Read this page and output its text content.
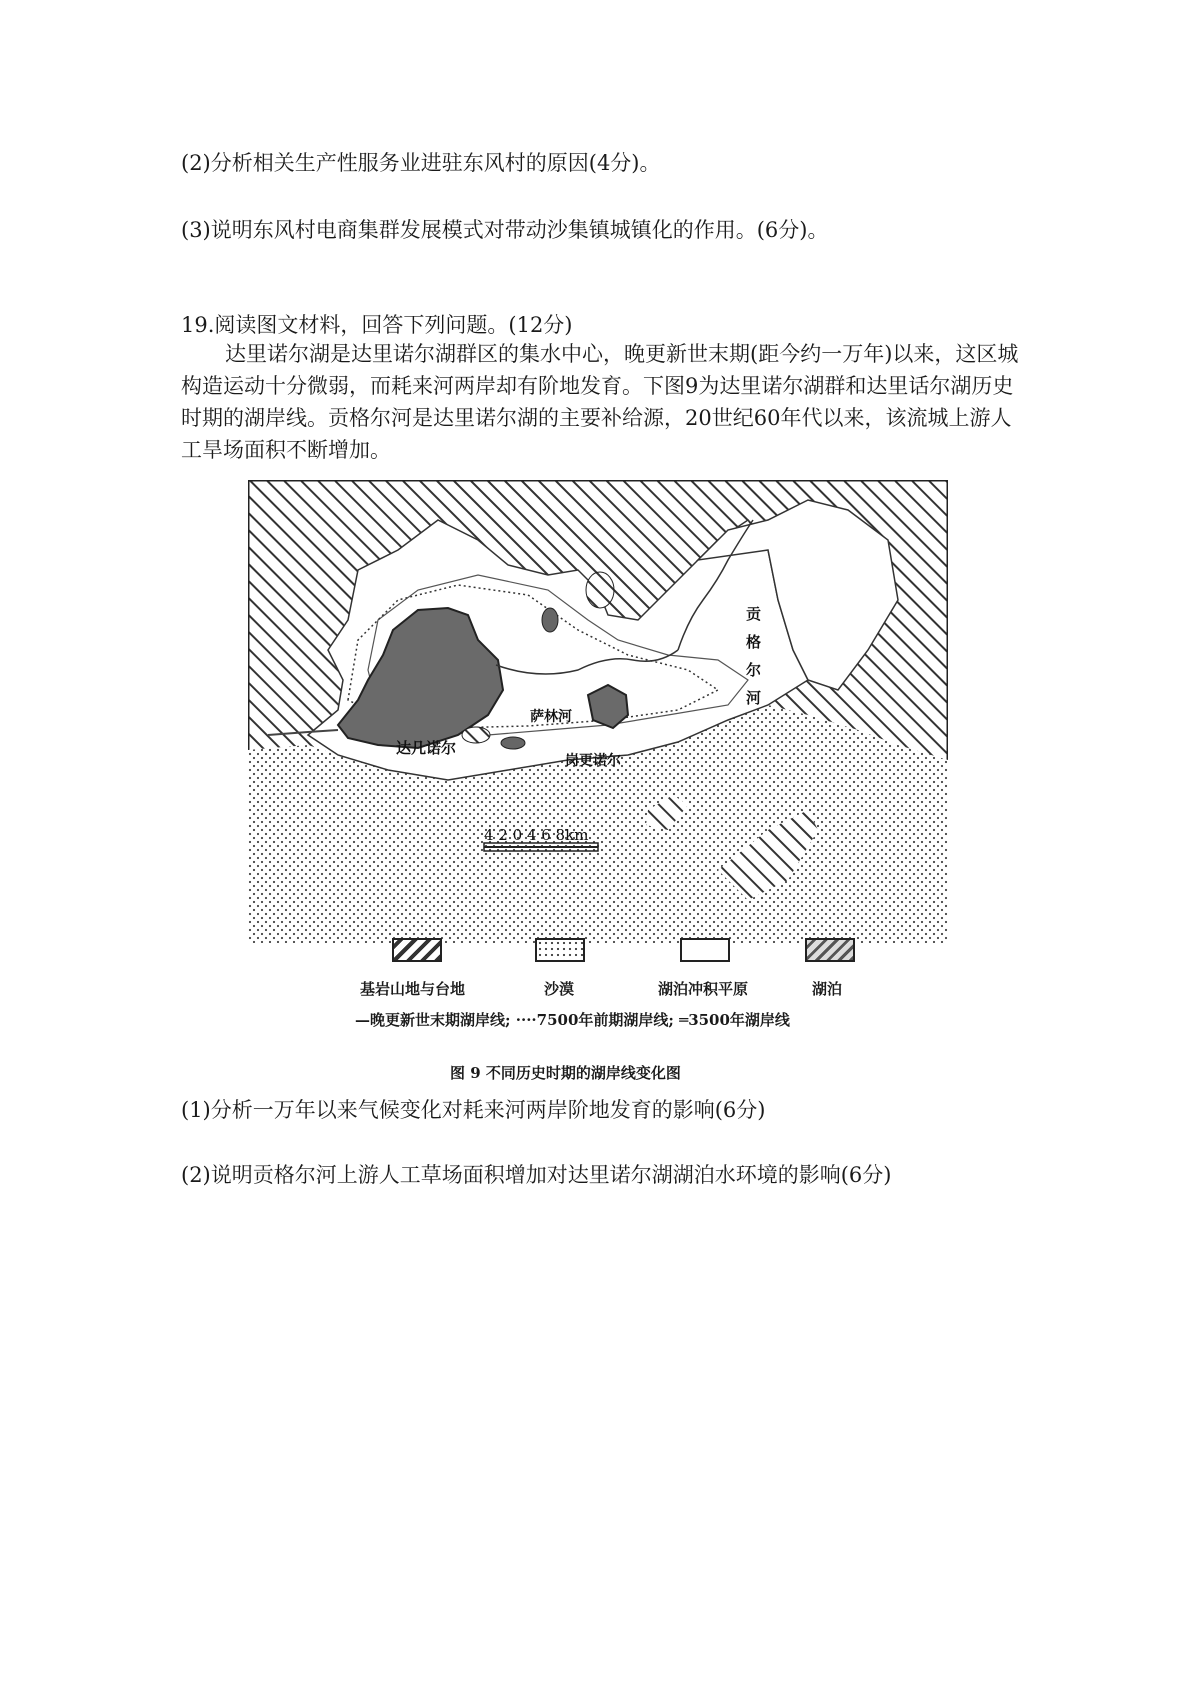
(2)分析相关生产性服务业进驻东风村的原因(4分)。
(3)说明东风村电商集群发展模式对带动沙集镇城镇化的作用。(6分)。
19.阅读图文材料，回答下列问题。(12分)
达里诺尔湖是达里诺尔湖群区的集水中心，晚更新世末期(距今约一万年)以来，这区城构造运动十分微弱，而耗来河两岸却有阶地发育。下图9为达里诺尔湖群和达里话尔湖历史时期的湖岸线。贡格尔河是达里诺尔湖的主要补给源，20世纪60年代以来，该流城上游人工旱场面积不断增加。
达几诺尔
岗更诺尔
萨林河
贡格尔河
4 2 0 4 6 8km
基岩山地与台地	沙漠	湖泊冲积平原	湖泊
—晚更新世末期湖岸线; ····7500年前期湖岸线; ═3500年湖岸线
图 9 不同历史时期的湖岸线变化图
(1)分析一万年以来气候变化对耗来河两岸阶地发育的影响(6分)
(2)说明贡格尔河上游人工草场面积增加对达里诺尔湖湖泊水环境的影响(6分)
